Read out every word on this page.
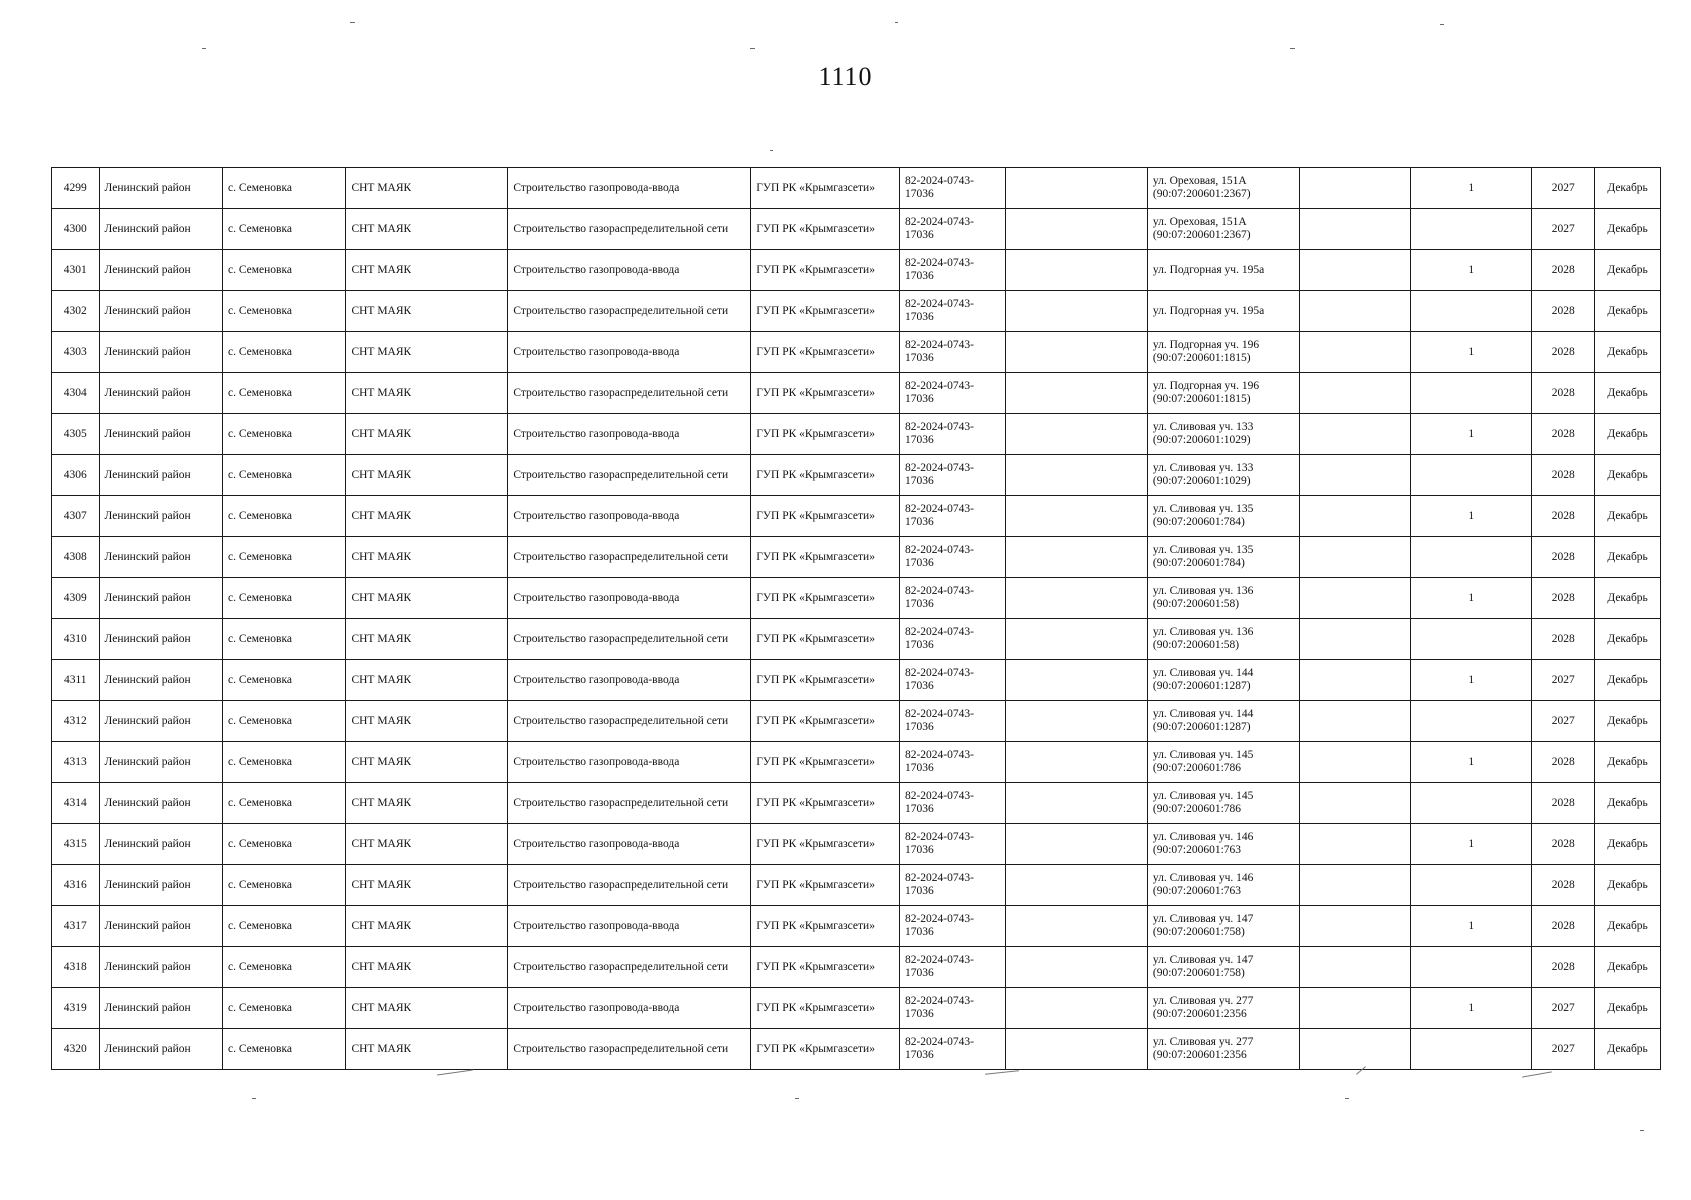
1110
4299	Ленинский район	с. Семеновка	СНТ МАЯК	Строительство газопровода-ввода	ГУП РК «Крымгазсети»	82-2024-0743-17036		ул. Ореховая, 151А (90:07:200601:2367)		1	2027	Декабрь
4300	Ленинский район	с. Семеновка	СНТ МАЯК	Строительство газораспределительной сети	ГУП РК «Крымгазсети»	82-2024-0743-17036		ул. Ореховая, 151А (90:07:200601:2367)			2027	Декабрь
4301	Ленинский район	с. Семеновка	СНТ МАЯК	Строительство газопровода-ввода	ГУП РК «Крымгазсети»	82-2024-0743-17036		ул. Подгорная уч. 195а		1	2028	Декабрь
4302	Ленинский район	с. Семеновка	СНТ МАЯК	Строительство газораспределительной сети	ГУП РК «Крымгазсети»	82-2024-0743-17036		ул. Подгорная уч. 195а			2028	Декабрь
4303	Ленинский район	с. Семеновка	СНТ МАЯК	Строительство газопровода-ввода	ГУП РК «Крымгазсети»	82-2024-0743-17036		ул. Подгорная уч. 196 (90:07:200601:1815)		1	2028	Декабрь
4304	Ленинский район	с. Семеновка	СНТ МАЯК	Строительство газораспределительной сети	ГУП РК «Крымгазсети»	82-2024-0743-17036		ул. Подгорная уч. 196 (90:07:200601:1815)			2028	Декабрь
4305	Ленинский район	с. Семеновка	СНТ МАЯК	Строительство газопровода-ввода	ГУП РК «Крымгазсети»	82-2024-0743-17036		ул. Сливовая уч. 133 (90:07:200601:1029)		1	2028	Декабрь
4306	Ленинский район	с. Семеновка	СНТ МАЯК	Строительство газораспределительной сети	ГУП РК «Крымгазсети»	82-2024-0743-17036		ул. Сливовая уч. 133 (90:07:200601:1029)			2028	Декабрь
4307	Ленинский район	с. Семеновка	СНТ МАЯК	Строительство газопровода-ввода	ГУП РК «Крымгазсети»	82-2024-0743-17036		ул. Сливовая уч. 135 (90:07:200601:784)		1	2028	Декабрь
4308	Ленинский район	с. Семеновка	СНТ МАЯК	Строительство газораспределительной сети	ГУП РК «Крымгазсети»	82-2024-0743-17036		ул. Сливовая уч. 135 (90:07:200601:784)			2028	Декабрь
4309	Ленинский район	с. Семеновка	СНТ МАЯК	Строительство газопровода-ввода	ГУП РК «Крымгазсети»	82-2024-0743-17036		ул. Сливовая уч. 136 (90:07:200601:58)		1	2028	Декабрь
4310	Ленинский район	с. Семеновка	СНТ МАЯК	Строительство газораспределительной сети	ГУП РК «Крымгазсети»	82-2024-0743-17036		ул. Сливовая уч. 136 (90:07:200601:58)			2028	Декабрь
4311	Ленинский район	с. Семеновка	СНТ МАЯК	Строительство газопровода-ввода	ГУП РК «Крымгазсети»	82-2024-0743-17036		ул. Сливовая уч. 144 (90:07:200601:1287)		1	2027	Декабрь
4312	Ленинский район	с. Семеновка	СНТ МАЯК	Строительство газораспределительной сети	ГУП РК «Крымгазсети»	82-2024-0743-17036		ул. Сливовая уч. 144 (90:07:200601:1287)			2027	Декабрь
4313	Ленинский район	с. Семеновка	СНТ МАЯК	Строительство газопровода-ввода	ГУП РК «Крымгазсети»	82-2024-0743-17036		ул. Сливовая уч. 145 (90:07:200601:786		1	2028	Декабрь
4314	Ленинский район	с. Семеновка	СНТ МАЯК	Строительство газораспределительной сети	ГУП РК «Крымгазсети»	82-2024-0743-17036		ул. Сливовая уч. 145 (90:07:200601:786			2028	Декабрь
4315	Ленинский район	с. Семеновка	СНТ МАЯК	Строительство газопровода-ввода	ГУП РК «Крымгазсети»	82-2024-0743-17036		ул. Сливовая уч. 146 (90:07:200601:763		1	2028	Декабрь
4316	Ленинский район	с. Семеновка	СНТ МАЯК	Строительство газораспределительной сети	ГУП РК «Крымгазсети»	82-2024-0743-17036		ул. Сливовая уч. 146 (90:07:200601:763			2028	Декабрь
4317	Ленинский район	с. Семеновка	СНТ МАЯК	Строительство газопровода-ввода	ГУП РК «Крымгазсети»	82-2024-0743-17036		ул. Сливовая уч. 147 (90:07:200601:758)		1	2028	Декабрь
4318	Ленинский район	с. Семеновка	СНТ МАЯК	Строительство газораспределительной сети	ГУП РК «Крымгазсети»	82-2024-0743-17036		ул. Сливовая уч. 147 (90:07:200601:758)			2028	Декабрь
4319	Ленинский район	с. Семеновка	СНТ МАЯК	Строительство газопровода-ввода	ГУП РК «Крымгазсети»	82-2024-0743-17036		ул. Сливовая уч. 277 (90:07:200601:2356		1	2027	Декабрь
4320	Ленинский район	с. Семеновка	СНТ МАЯК	Строительство газораспределительной сети	ГУП РК «Крымгазсети»	82-2024-0743-17036		ул. Сливовая уч. 277 (90:07:200601:2356			2027	Декабрь
